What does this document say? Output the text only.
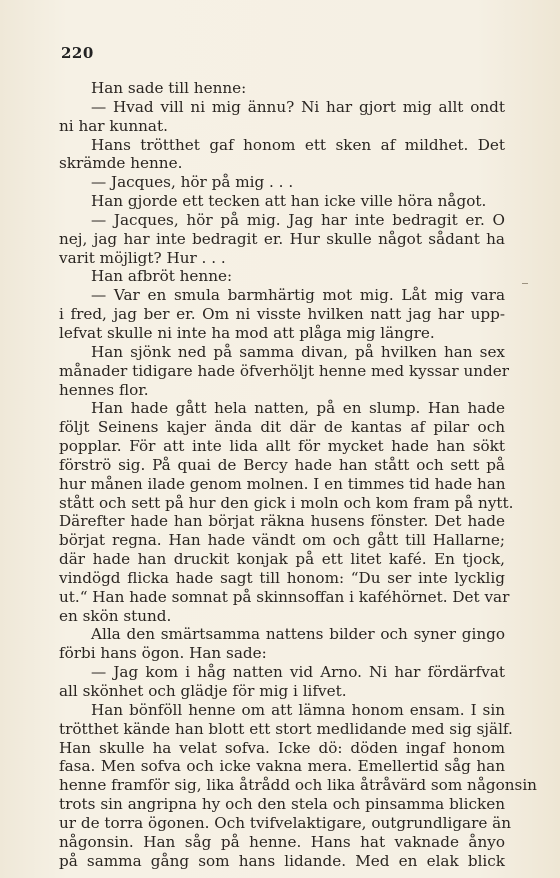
220
Han sade till henne:
— Hvad vill ni mig ännu? Ni har gjort mig allt ondt
ni har kunnat.
Hans trötthet gaf honom ett sken af mildhet. Det
skrämde henne.
— Jacques, hör på mig . . .
Han gjorde ett tecken att han icke ville höra något.
— Jacques, hör på mig. Jag har inte bedragit er. O
nej, jag har inte bedragit er. Hur skulle något sådant ha
varit möjligt? Hur . . .
Han afbröt henne:
— Var en smula barmhärtig mot mig. Låt mig vara
i fred, jag ber er. Om ni visste hvilken natt jag har upp-
lefvat skulle ni inte ha mod att plåga mig längre.
Han sjönk ned på samma divan, på hvilken han sex
månader tidigare hade öfverhöljt henne med kyssar under
hennes flor.
Han hade gått hela natten, på en slump. Han hade
följt Seinens kajer ända dit där de kantas af pilar och
popplar. För att inte lida allt för mycket hade han sökt
förströ sig. På quai de Bercy hade han stått och sett på
hur månen ilade genom molnen. I en timmes tid hade han
stått och sett på hur den gick i moln och kom fram på nytt.
Därefter hade han börjat räkna husens fönster. Det hade
börjat regna. Han hade vändt om och gått till Hallarne;
där hade han druckit konjak på ett litet kafé. En tjock,
vindögd flicka hade sagt till honom: “Du ser inte lycklig
ut.“ Han hade somnat på skinnsoffan i kaféhörnet. Det var
en skön stund.
Alla den smärtsamma nattens bilder och syner gingo
förbi hans ögon. Han sade:
— Jag kom i håg natten vid Arno. Ni har fördärfvat
all skönhet och glädje för mig i lifvet.
Han bönföll henne om att lämna honom ensam. I sin
trötthet kände han blott ett stort medlidande med sig själf.
Han skulle ha velat sofva. Icke dö: döden ingaf honom
fasa. Men sofva och icke vakna mera. Emellertid såg han
henne framför sig, lika åtrådd och lika åtråvärd som någonsin
trots sin angripna hy och den stela och pinsamma blicken
ur de torra ögonen. Och tvifvelaktigare, outgrundligare än
någonsin. Han såg på henne. Hans hat vaknade ånyo
på samma gång som hans lidande. Med en elak blick
